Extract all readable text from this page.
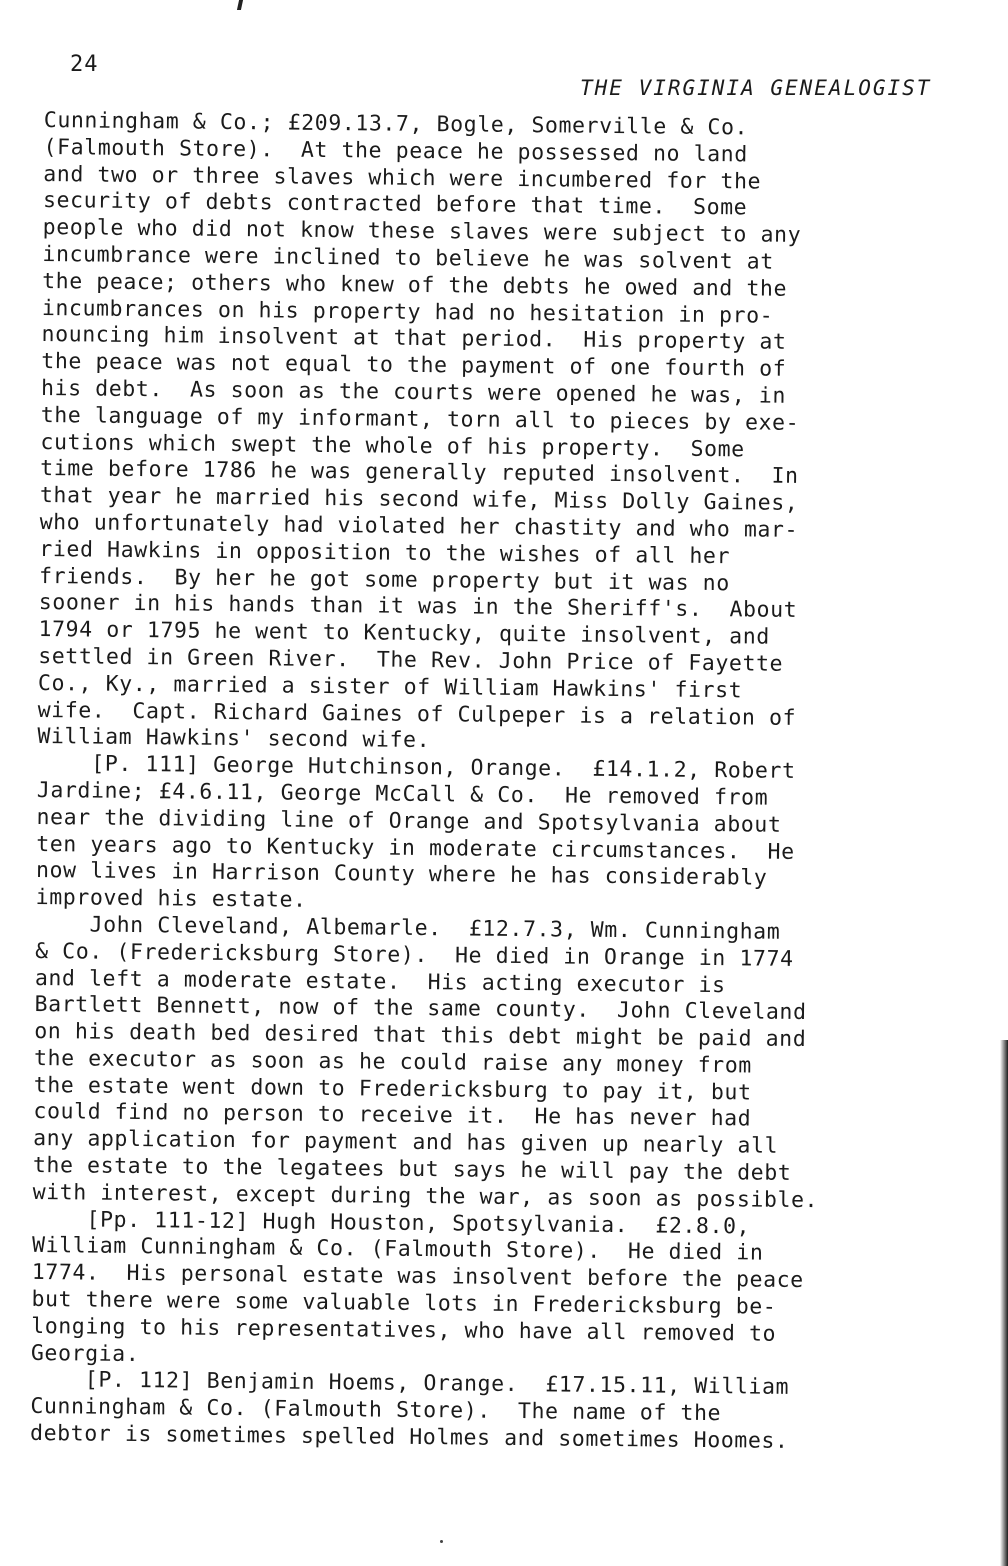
24
THE VIRGINIA GENEALOGIST
Cunningham & Co.; £209.13.7, Bogle, Somerville & Co.
(Falmouth Store).  At the peace he possessed no land
and two or three slaves which were incumbered for the
security of debts contracted before that time.  Some
people who did not know these slaves were subject to any
incumbrance were inclined to believe he was solvent at
the peace; others who knew of the debts he owed and the
incumbrances on his property had no hesitation in pro-
nouncing him insolvent at that period.  His property at
the peace was not equal to the payment of one fourth of
his debt.  As soon as the courts were opened he was, in
the language of my informant, torn all to pieces by exe-
cutions which swept the whole of his property.  Some
time before 1786 he was generally reputed insolvent.  In
that year he married his second wife, Miss Dolly Gaines,
who unfortunately had violated her chastity and who mar-
ried Hawkins in opposition to the wishes of all her
friends.  By her he got some property but it was no
sooner in his hands than it was in the Sheriff's.  About
1794 or 1795 he went to Kentucky, quite insolvent, and
settled in Green River.  The Rev. John Price of Fayette
Co., Ky., married a sister of William Hawkins' first
wife.  Capt. Richard Gaines of Culpeper is a relation of
William Hawkins' second wife.
[P. 111] George Hutchinson, Orange.  £14.1.2, Robert
Jardine; £4.6.11, George McCall & Co.  He removed from
near the dividing line of Orange and Spotsylvania about
ten years ago to Kentucky in moderate circumstances.  He
now lives in Harrison County where he has considerably
improved his estate.
John Cleveland, Albemarle.  £12.7.3, Wm. Cunningham
& Co. (Fredericksburg Store).  He died in Orange in 1774
and left a moderate estate.  His acting executor is
Bartlett Bennett, now of the same county.  John Cleveland
on his death bed desired that this debt might be paid and
the executor as soon as he could raise any money from
the estate went down to Fredericksburg to pay it, but
could find no person to receive it.  He has never had
any application for payment and has given up nearly all
the estate to the legatees but says he will pay the debt
with interest, except during the war, as soon as possible.
[Pp. 111-12] Hugh Houston, Spotsylvania.  £2.8.0,
William Cunningham & Co. (Falmouth Store).  He died in
1774.  His personal estate was insolvent before the peace
but there were some valuable lots in Fredericksburg be-
longing to his representatives, who have all removed to
Georgia.
[P. 112] Benjamin Hoems, Orange.  £17.15.11, William
Cunningham & Co. (Falmouth Store).  The name of the
debtor is sometimes spelled Holmes and sometimes Hoomes.
